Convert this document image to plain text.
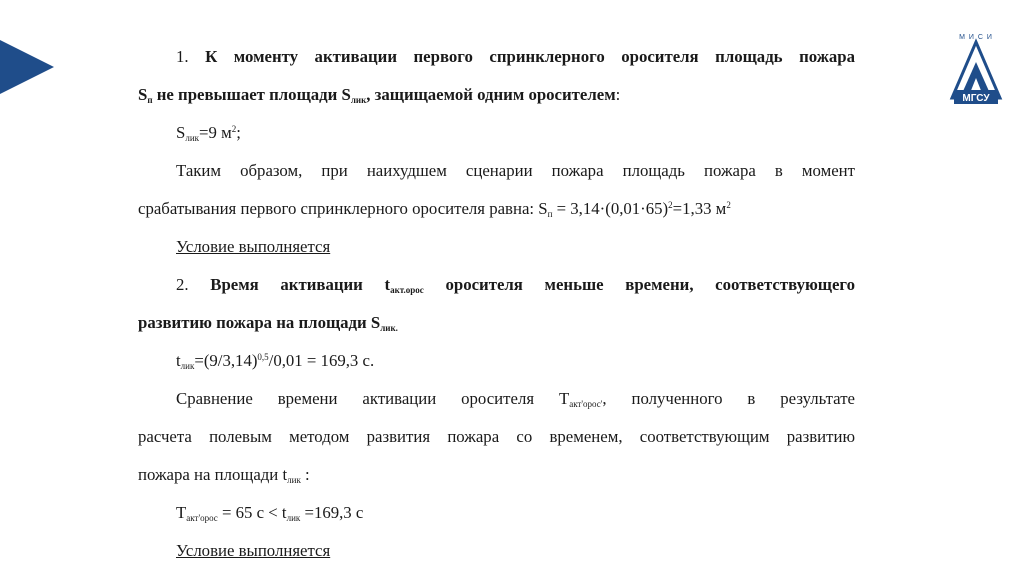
М И С И
МГСУ
1. К моменту активации первого спринклерного оросителя площадь пожара
$S_п$ не превышает площади $S_{лик}$, защищаемой одним оросителем:
$S_{лик}=9$ $м^2$;
Таким образом, при наихудшем сценарии пожара площадь пожара в момент
срабатывания первого спринклерного оросителя равна: $S_п = 3,14\cdot(0,01\cdot 65)^2=1,33$ $м^2$
Условие выполняется
2. Время активации $t_{акт.орос}$ оросителя меньше времени, соответствующего
развитию пожара на площади $S_{лик.}$
$t_{лик}=(9/3,14)^{0,5}/0,01 = 169,3$ с.
Сравнение времени активации оросителя $Т_{акт'орос'}$, полученного в результате
расчета полевым методом развития пожара со временем, соответствующим развитию
пожара на площади $t_{лик}$ :
$Т_{акт'орос} = 65$ $с < t_{лик} =169,3$ с
Условие выполняется
